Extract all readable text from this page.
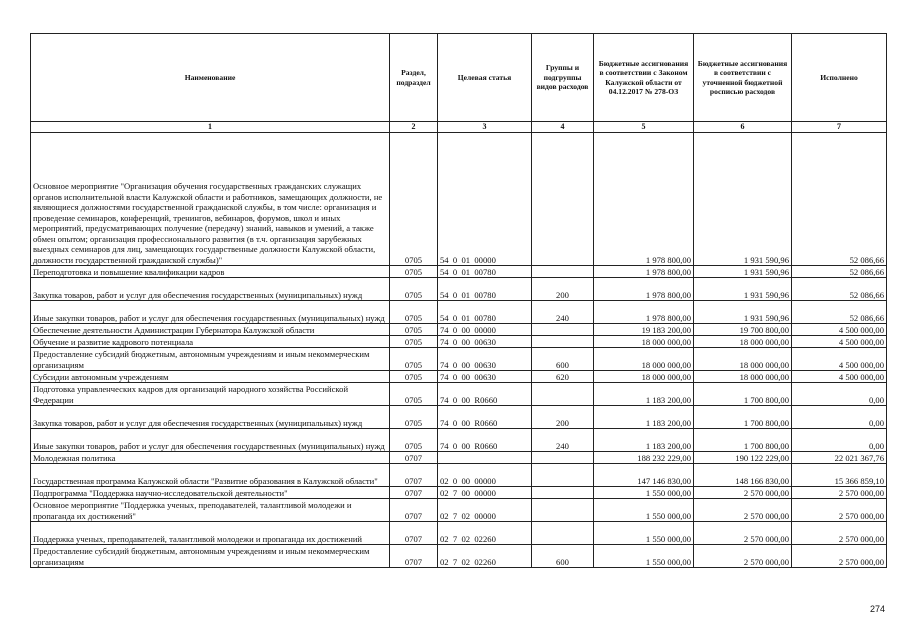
Наименование	Раздел, подраздел	Целевая статья	Группы и подгруппы видов расходов	Бюджетные ассигнования в соответствии с Законом Калужской области от 04.12.2017 № 278-ОЗ	Бюджетные ассигнования в соответствии с уточненной бюджетной росписью расходов	Исполнено
1	2	3	4	5	6	7
Основное мероприятие "Организация обучения государственных гражданских служащих органов исполнительной власти Калужской области и работников, замещающих должности, не являющиеся должностями государственной гражданской службы, в том числе: организация и проведение семинаров, конференций, тренингов, вебинаров, форумов, школ и иных мероприятий, предусматривающих получение (передачу) знаний, навыков и умений, а также обмен опытом; организация профессионального развития (в т.ч. организация зарубежных выездных семинаров для лиц, замещающих государственные должности Калужской области, должности государственной гражданской службы)"	0705	54  0  01  00000		1 978 800,00	1 931 590,96	52 086,66
Переподготовка и повышение квалификации кадров	0705	54  0  01  00780		1 978 800,00	1 931 590,96	52 086,66
Закупка товаров, работ и услуг для обеспечения государственных (муниципальных) нужд	0705	54  0  01  00780	200	1 978 800,00	1 931 590,96	52 086,66
Иные закупки товаров, работ и услуг для обеспечения государственных (муниципальных) нужд	0705	54  0  01  00780	240	1 978 800,00	1 931 590,96	52 086,66
Обеспечение деятельности Администрации Губернатора Калужской области	0705	74  0  00  00000		19 183 200,00	19 700 800,00	4 500 000,00
Обучение и развитие кадрового потенциала	0705	74  0  00  00630		18 000 000,00	18 000 000,00	4 500 000,00
Предоставление субсидий бюджетным, автономным учреждениям и иным некоммерческим организациям	0705	74  0  00  00630	600	18 000 000,00	18 000 000,00	4 500 000,00
Субсидии автономным учреждениям	0705	74  0  00  00630	620	18 000 000,00	18 000 000,00	4 500 000,00
Подготовка управленческих кадров для организаций народного хозяйства Российской Федерации	0705	74  0  00  R0660		1 183 200,00	1 700 800,00	0,00
Закупка товаров, работ и услуг для обеспечения государственных (муниципальных) нужд	0705	74  0  00  R0660	200	1 183 200,00	1 700 800,00	0,00
Иные закупки товаров, работ и услуг для обеспечения государственных (муниципальных) нужд	0705	74  0  00  R0660	240	1 183 200,00	1 700 800,00	0,00
Молодежная политика	0707			188 232 229,00	190 122 229,00	22 021 367,76
Государственная программа Калужской области "Развитие образования в Калужской области"	0707	02  0  00  00000		147 146 830,00	148 166 830,00	15 366 859,10
Подпрограмма "Поддержка научно-исследовательской деятельности"	0707	02  7  00  00000		1 550 000,00	2 570 000,00	2 570 000,00
Основное мероприятие "Поддержка ученых, преподавателей, талантливой молодежи и пропаганда их достижений"	0707	02  7  02  00000		1 550 000,00	2 570 000,00	2 570 000,00
Поддержка ученых, преподавателей, талантливой молодежи и пропаганда их достижений	0707	02  7  02  02260		1 550 000,00	2 570 000,00	2 570 000,00
Предоставление субсидий бюджетным, автономным учреждениям и иным некоммерческим организациям	0707	02  7  02  02260	600	1 550 000,00	2 570 000,00	2 570 000,00
274
